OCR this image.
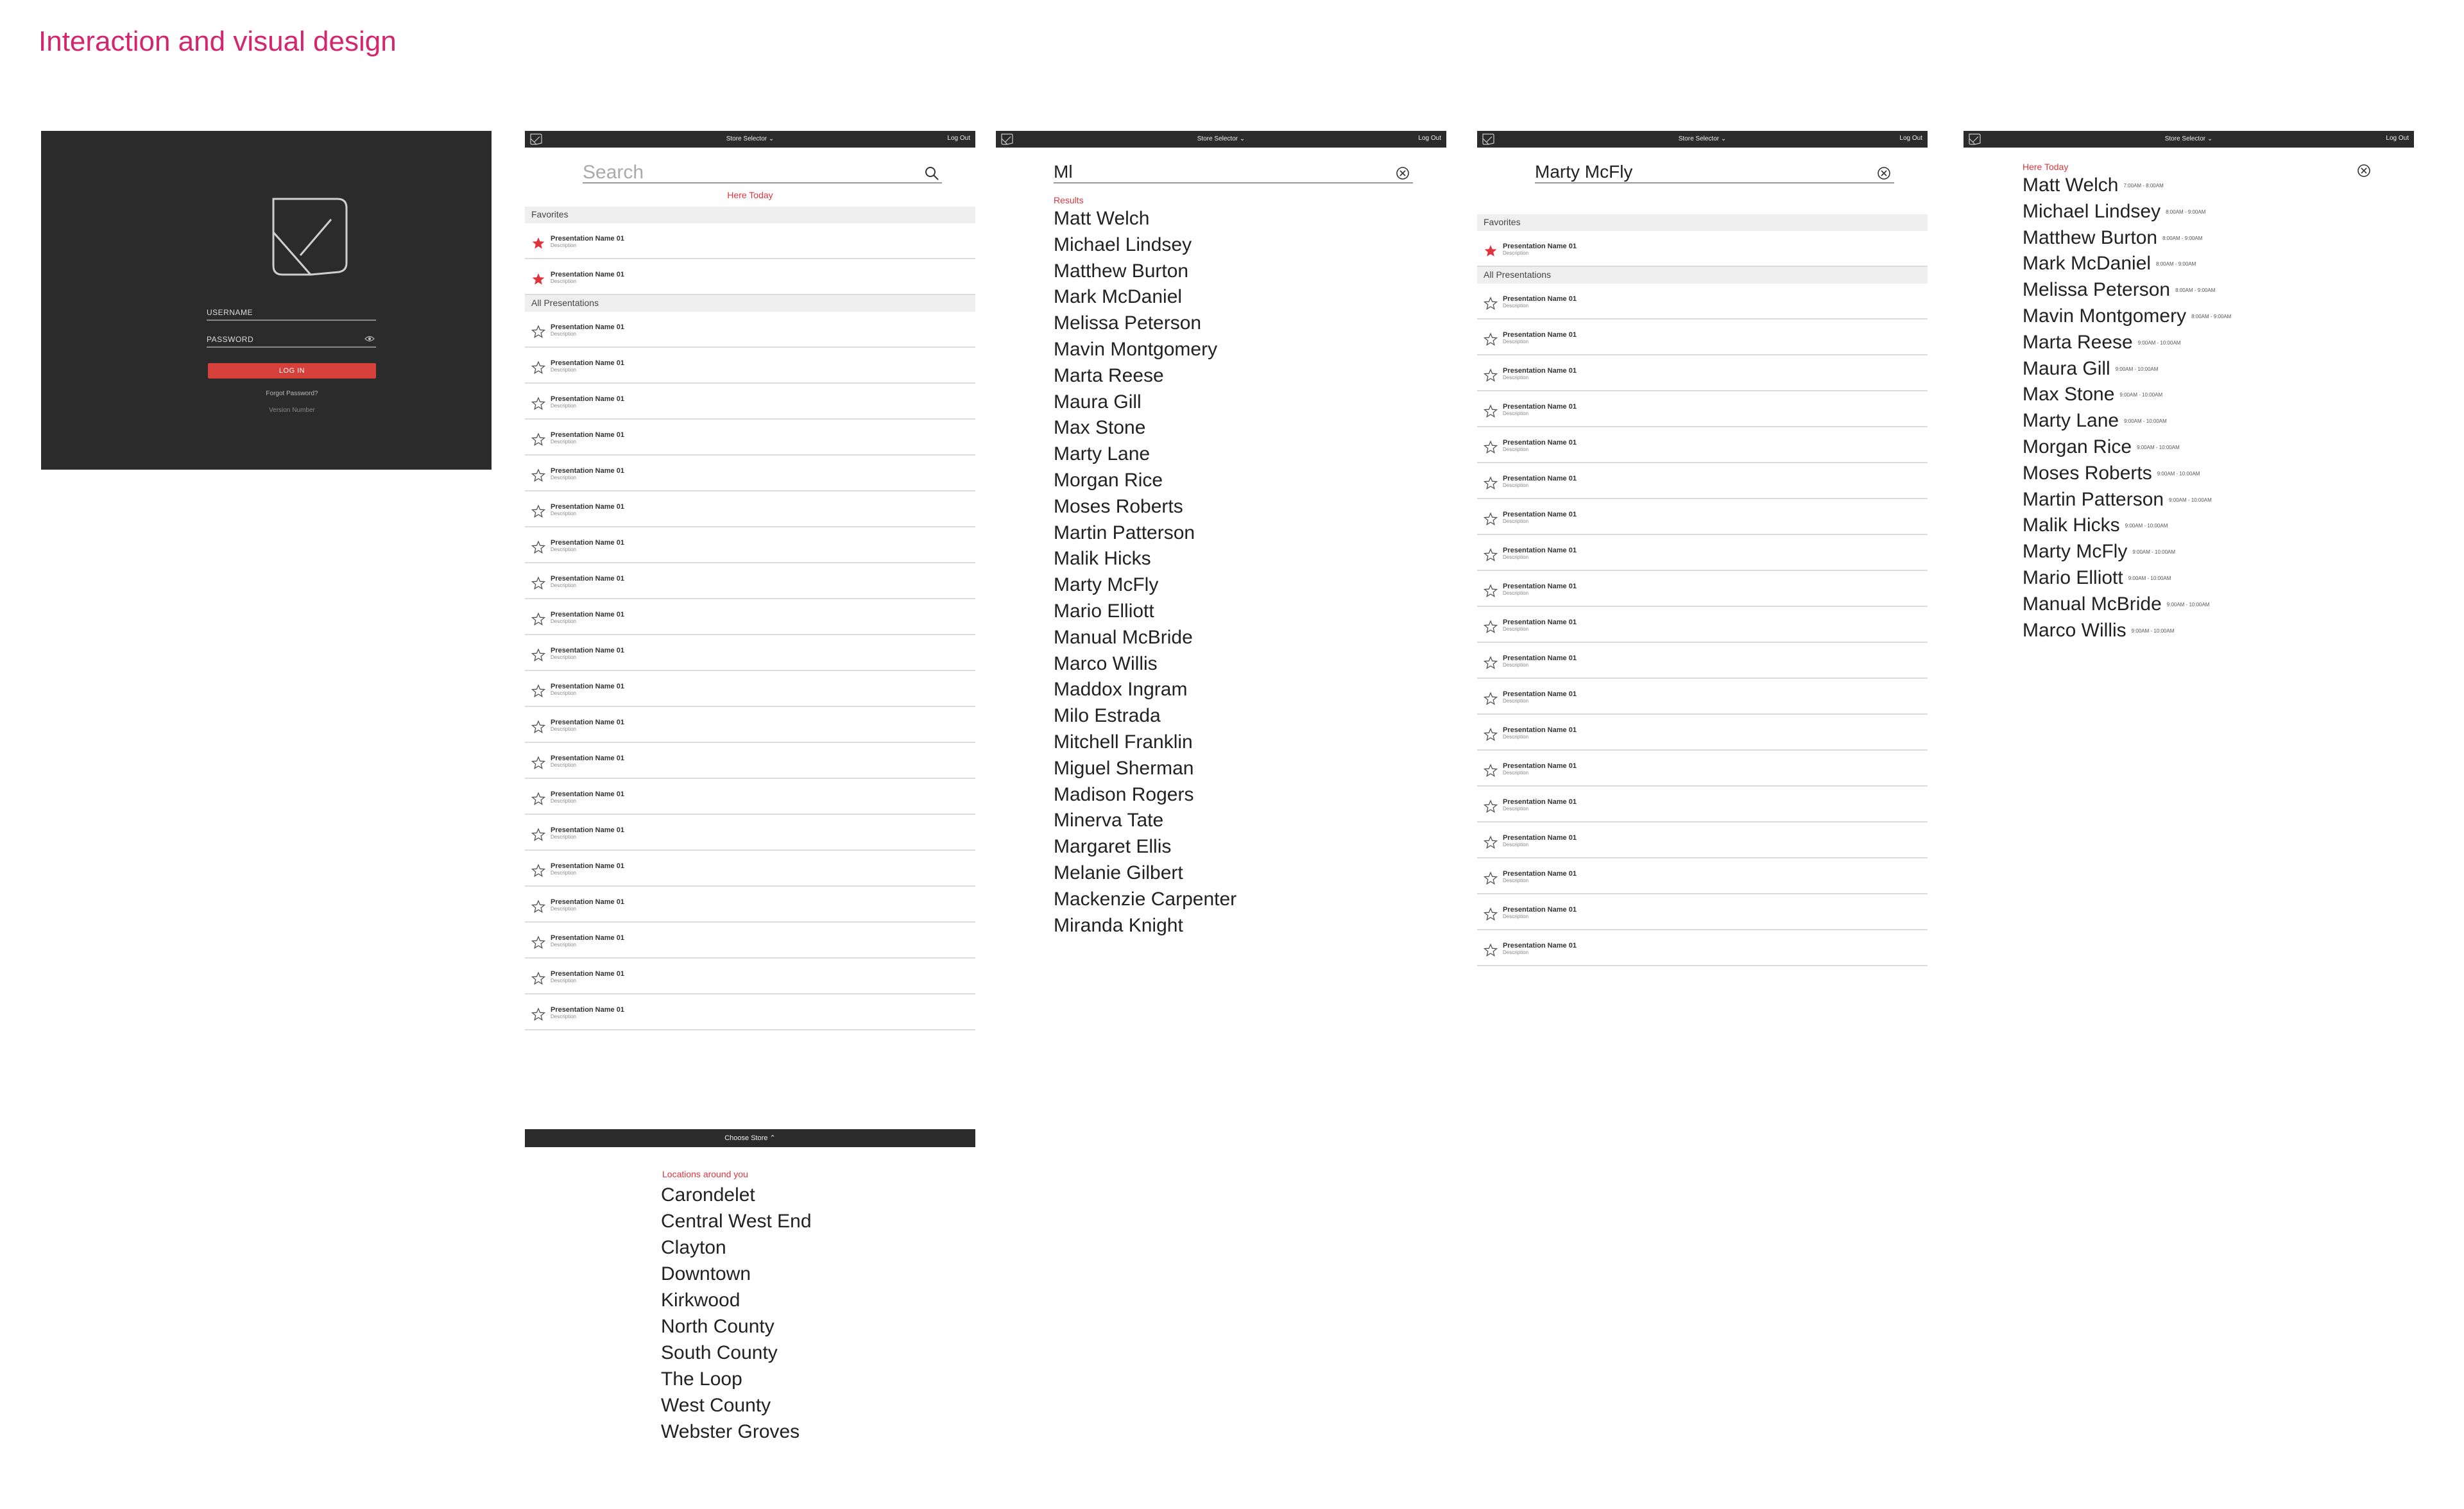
Interaction and visual design
USERNAME
PASSWORD
LOG IN
Forgot Password?
Version Number
Store Selector ⌄	Log Out
Search
Here Today
Favorites
Presentation Name 01
Description
Presentation Name 01
Description
All Presentations
Presentation Name 01
Description
Presentation Name 01
Description
Presentation Name 01
Description
Presentation Name 01
Description
Presentation Name 01
Description
Presentation Name 01
Description
Presentation Name 01
Description
Presentation Name 01
Description
Presentation Name 01
Description
Presentation Name 01
Description
Presentation Name 01
Description
Presentation Name 01
Description
Presentation Name 01
Description
Presentation Name 01
Description
Presentation Name 01
Description
Presentation Name 01
Description
Presentation Name 01
Description
Presentation Name 01
Description
Presentation Name 01
Description
Presentation Name 01
Description
Choose Store ⌃
Locations around you
Carondelet
Central West End
Clayton
Downtown
Kirkwood
North County
South County
The Loop
West County
Webster Groves
Store Selector ⌄	Log Out
Ml
Results
Matt Welch
Michael Lindsey
Matthew Burton
Mark McDaniel
Melissa Peterson
Mavin Montgomery
Marta Reese
Maura Gill
Max Stone
Marty Lane
Morgan Rice
Moses Roberts
Martin Patterson
Malik Hicks
Marty McFly
Mario Elliott
Manual McBride
Marco Willis
Maddox Ingram
Milo Estrada
Mitchell Franklin
Miguel Sherman
Madison Rogers
Minerva Tate
Margaret Ellis
Melanie Gilbert
Mackenzie Carpenter
Miranda Knight
Store Selector ⌄	Log Out
Marty McFly
Favorites
Presentation Name 01
Description
All Presentations
Presentation Name 01
Description
Presentation Name 01
Description
Presentation Name 01
Description
Presentation Name 01
Description
Presentation Name 01
Description
Presentation Name 01
Description
Presentation Name 01
Description
Presentation Name 01
Description
Presentation Name 01
Description
Presentation Name 01
Description
Presentation Name 01
Description
Presentation Name 01
Description
Presentation Name 01
Description
Presentation Name 01
Description
Presentation Name 01
Description
Presentation Name 01
Description
Presentation Name 01
Description
Presentation Name 01
Description
Presentation Name 01
Description
Store Selector ⌄	Log Out
Here Today
Matt Welch 7:00AM - 8:00AM
Michael Lindsey 8:00AM - 9:00AM
Matthew Burton 8:00AM - 9:00AM
Mark McDaniel 8:00AM - 9:00AM
Melissa Peterson 8:00AM - 9:00AM
Mavin Montgomery 8:00AM - 9:00AM
Marta Reese 9:00AM - 10:00AM
Maura Gill 9:00AM - 10:00AM
Max Stone 9:00AM - 10:00AM
Marty Lane 9:00AM - 10:00AM
Morgan Rice 9:00AM - 10:00AM
Moses Roberts 9:00AM - 10:00AM
Martin Patterson 9:00AM - 10:00AM
Malik Hicks 9:00AM - 10:00AM
Marty McFly 9:00AM - 10:00AM
Mario Elliott 9:00AM - 10:00AM
Manual McBride 9:00AM - 10:00AM
Marco Willis 9:00AM - 10:00AM
